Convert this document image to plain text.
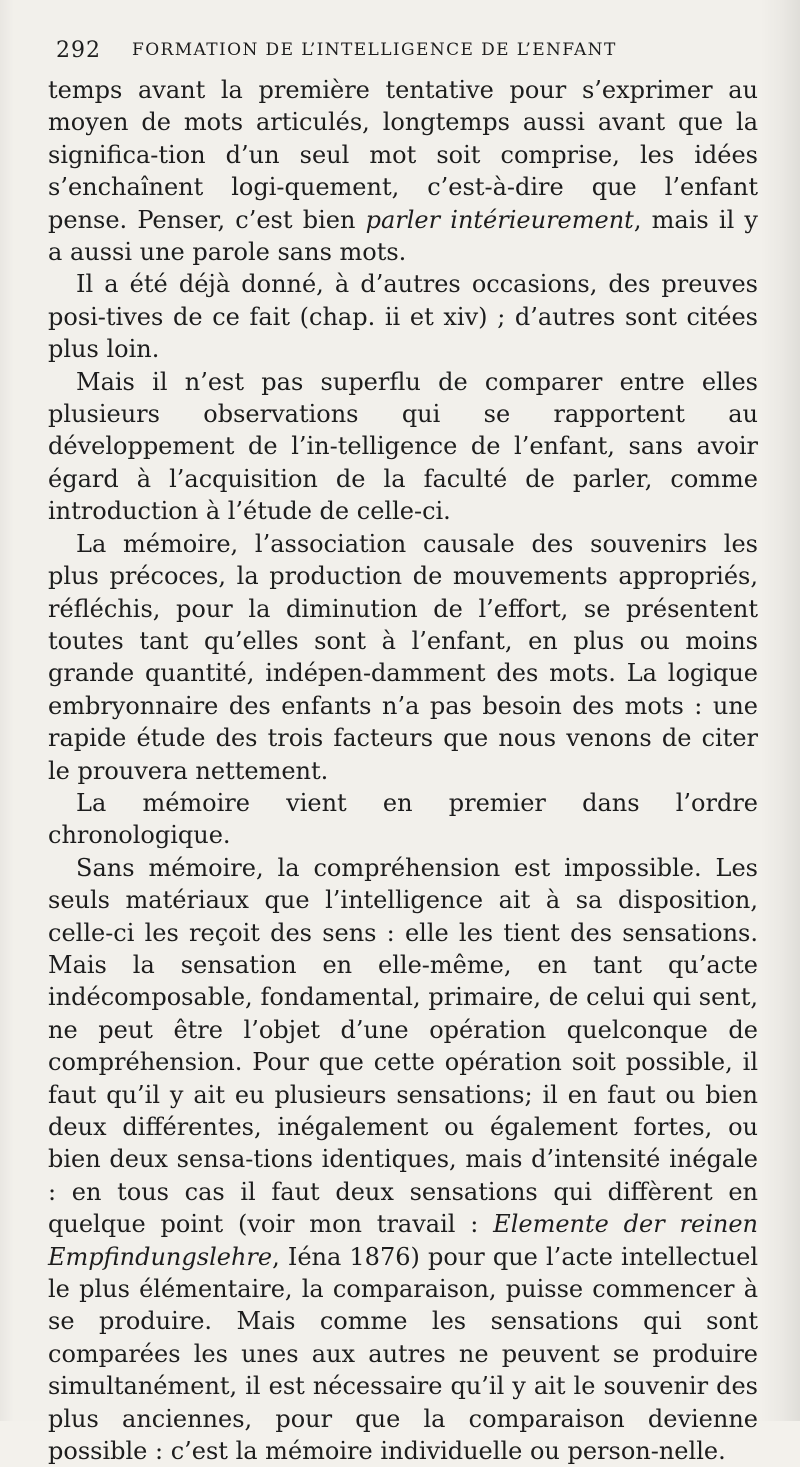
292 FORMATION DE L’INTELLIGENCE DE L’ENFANT

temps avant la première tentative pour s’exprimer au moyen de mots articulés, longtemps aussi avant que la significa-tion d’un seul mot soit comprise, les idées s’enchaînent logi-quement, c’est-à-dire que l’enfant pense. Penser, c’est bien parler intérieurement, mais il y a aussi une parole sans mots.

Il a été déjà donné, à d’autres occasions, des preuves posi-tives de ce fait (chap. ii et xiv) ; d’autres sont citées plus loin.

Mais il n’est pas superflu de comparer entre elles plusieurs observations qui se rapportent au développement de l’in-telligence de l’enfant, sans avoir égard à l’acquisition de la faculté de parler, comme introduction à l’étude de celle-ci.

La mémoire, l’association causale des souvenirs les plus précoces, la production de mouvements appropriés, réfléchis, pour la diminution de l’effort, se présentent toutes tant qu’elles sont à l’enfant, en plus ou moins grande quantité, indépen-damment des mots. La logique embryonnaire des enfants n’a pas besoin des mots : une rapide étude des trois facteurs que nous venons de citer le prouvera nettement.

La mémoire vient en premier dans l’ordre chronologique.

Sans mémoire, la compréhension est impossible. Les seuls matériaux que l’intelligence ait à sa disposition, celle-ci les reçoit des sens : elle les tient des sensations. Mais la sensation en elle-même, en tant qu’acte indécomposable, fondamental, primaire, de celui qui sent, ne peut être l’objet d’une opération quelconque de compréhension. Pour que cette opération soit possible, il faut qu’il y ait eu plusieurs sensations; il en faut ou bien deux différentes, inégalement ou également fortes, ou bien deux sensa-tions identiques, mais d’intensité inégale : en tous cas il faut deux sensations qui diffèrent en quelque point (voir mon travail : Elemente der reinen Empfindungslehre, Iéna 1876) pour que l’acte intellectuel le plus élémentaire, la comparaison, puisse commencer à se produire. Mais comme les sensations qui sont comparées les unes aux autres ne peuvent se produire simultanément, il est nécessaire qu’il y ait le souvenir des plus anciennes, pour que la comparaison devienne possible : c’est la mémoire individuelle ou person-nelle.
